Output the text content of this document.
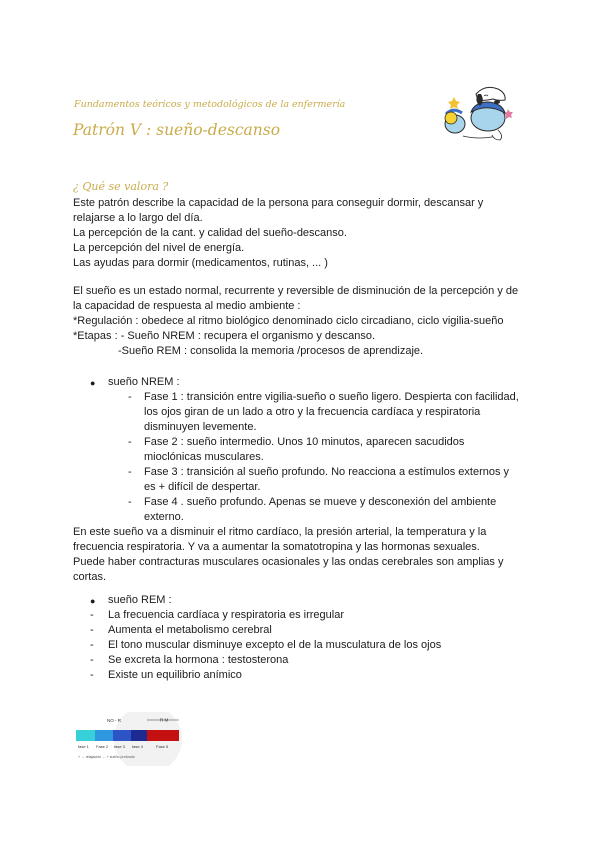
Fundamentos teóricos y metodológicos de la enfermería
Patrón V : sueño-descanso
¿ Qué se valora ?
Este patrón describe la capacidad de la persona para conseguir dormir, descansar y
relajarse a lo largo del día.
La percepción de la cant. y calidad del sueño-descanso.
La percepción del nivel de energía.
Las ayudas para dormir (medicamentos, rutinas, ... )
El sueño es un estado normal, recurrente y reversible de disminución de la percepción y de
la capacidad de respuesta al medio ambiente :
*Regulación : obedece al ritmo biológico denominado ciclo circadiano, ciclo vigilia-sueño
*Etapas : - Sueño NREM : recupera el organismo y descanso.
-Sueño REM : consolida la memoria /procesos de aprendizaje.
● sueño NREM :
- Fase 1 : transición entre vigilia-sueño o sueño ligero. Despierta con facilidad,
los ojos giran de un lado a otro y la frecuencia cardíaca y respiratoria
disminuyen levemente.
- Fase 2 : sueño intermedio. Unos 10 minutos, aparecen sacudidos
mioclónicas musculares.
- Fase 3 : transición al sueño profundo. No reacciona a estímulos externos y
es + difícil de despertar.
- Fase 4 . sueño profundo. Apenas se mueve y desconexión del ambiente
externo.
En este sueño va a disminuir el ritmo cardíaco, la presión arterial, la temperatura y la
frecuencia respiratoria. Y va a aumentar la somatotropina y las hormonas sexuales.
Puede haber contracturas musculares ocasionales y las ondas cerebrales son amplias y
cortas.
● sueño REM :
- La frecuencia cardíaca y respiratoria es irregular
- Aumenta el metabolismo cerebral
- El tono muscular disminuye excepto el de la musculatura de los ojos
- Se excreta la hormona : testosterona
- Existe un equilibrio anímico
NO - R	R M
fase 1 Fase 2 fase 3 fase 4	Fase 5
+ → relajación ← + sueño profundo
